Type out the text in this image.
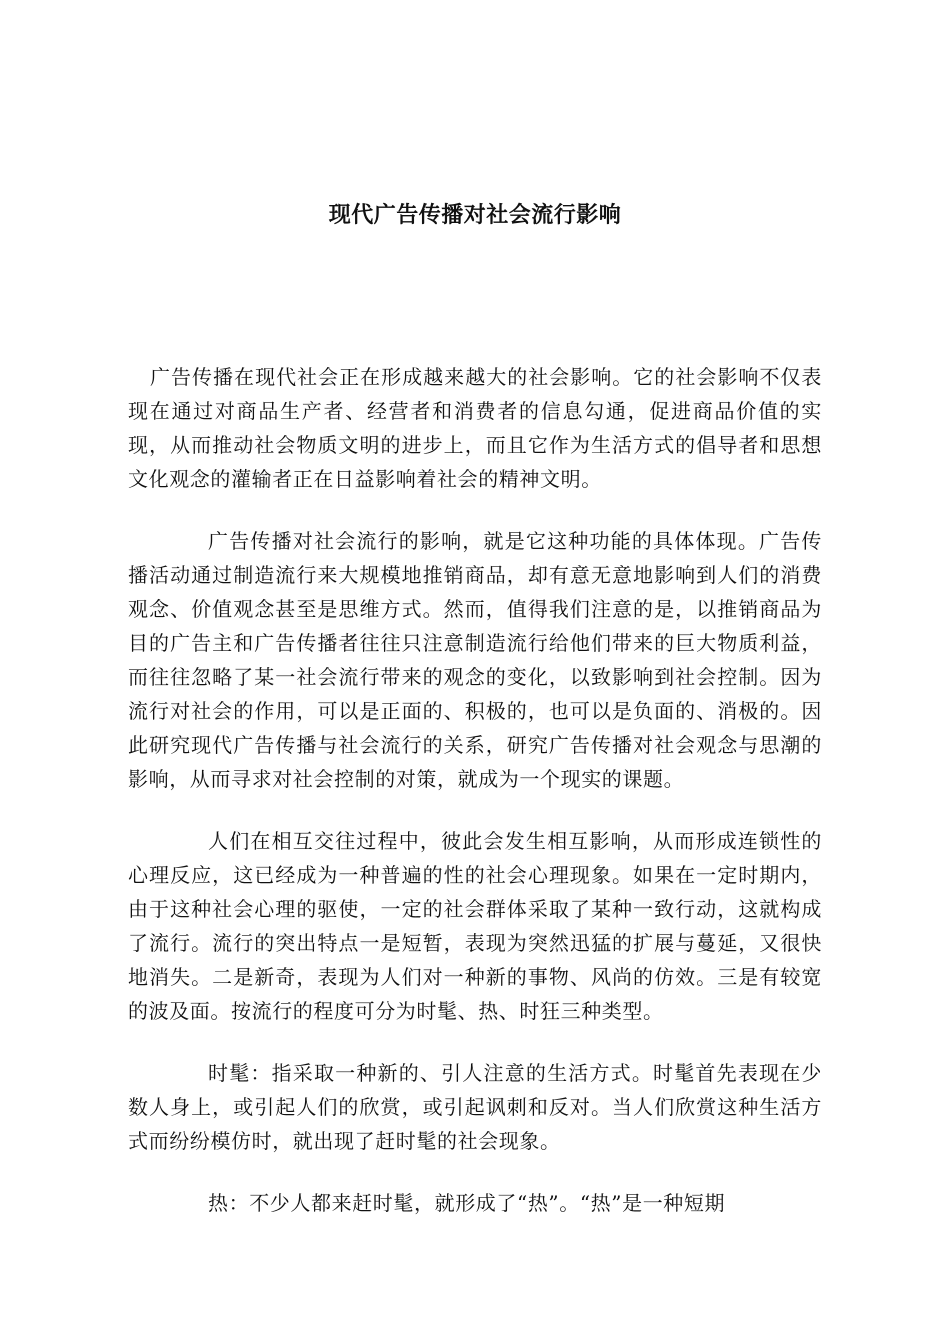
现代广告传播对社会流行影响

广告传播在现代社会正在形成越来越大的社会影响。它的社会影响不仅表现在通过对商品生产者、经营者和消费者的信息勾通，促进商品价值的实现，从而推动社会物质文明的进步上，而且它作为生活方式的倡导者和思想文化观念的灌输者正在日益影响着社会的精神文明。

广告传播对社会流行的影响，就是它这种功能的具体体现。广告传播活动通过制造流行来大规模地推销商品，却有意无意地影响到人们的消费观念、价值观念甚至是思维方式。然而，值得我们注意的是，以推销商品为目的广告主和广告传播者往往只注意制造流行给他们带来的巨大物质利益，而往往忽略了某一社会流行带来的观念的变化，以致影响到社会控制。因为流行对社会的作用，可以是正面的、积极的，也可以是负面的、消极的。因此研究现代广告传播与社会流行的关系，研究广告传播对社会观念与思潮的影响，从而寻求对社会控制的对策，就成为一个现实的课题。

人们在相互交往过程中，彼此会发生相互影响，从而形成连锁性的心理反应，这已经成为一种普遍的性的社会心理现象。如果在一定时期内，由于这种社会心理的驱使，一定的社会群体采取了某种一致行动，这就构成了流行。流行的突出特点一是短暂，表现为突然迅猛的扩展与蔓延，又很快地消失。二是新奇，表现为人们对一种新的事物、风尚的仿效。三是有较宽的波及面。按流行的程度可分为时髦、热、时狂三种类型。

时髦：指采取一种新的、引人注意的生活方式。时髦首先表现在少数人身上，或引起人们的欣赏，或引起讽刺和反对。当人们欣赏这种生活方式而纷纷模仿时，就出现了赶时髦的社会现象。

热：不少人都来赶时髦，就形成了“热”。“热”是一种短期
